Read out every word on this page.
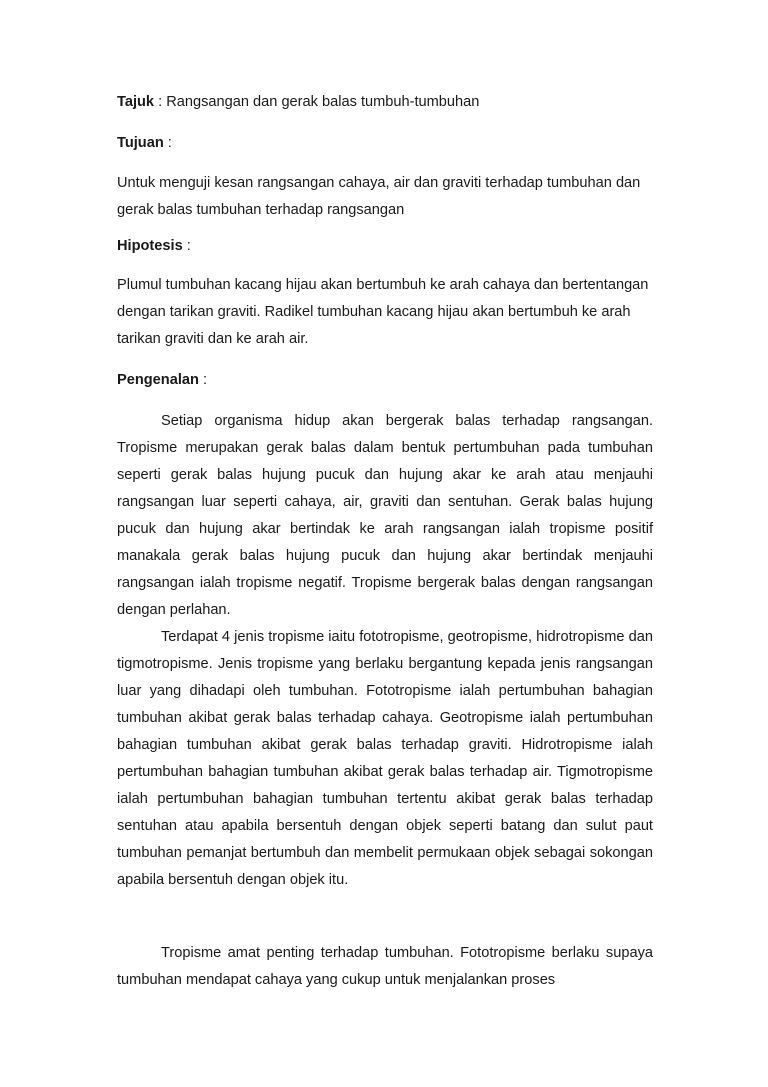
Tajuk : Rangsangan dan gerak balas tumbuh-tumbuhan
Tujuan :

Untuk menguji kesan rangsangan cahaya, air dan graviti terhadap tumbuhan dan gerak balas tumbuhan terhadap rangsangan

Hipotesis :

Plumul tumbuhan kacang hijau akan bertumbuh ke arah cahaya dan bertentangan dengan tarikan graviti. Radikel tumbuhan kacang hijau akan bertumbuh ke arah tarikan graviti dan ke arah air.

Pengenalan :

Setiap organisma hidup akan bergerak balas terhadap rangsangan. Tropisme merupakan gerak balas dalam bentuk pertumbuhan pada tumbuhan seperti gerak balas hujung pucuk dan hujung akar ke arah atau menjauhi rangsangan luar seperti cahaya, air, graviti dan sentuhan. Gerak balas hujung pucuk dan hujung akar bertindak ke arah rangsangan ialah tropisme positif manakala gerak balas hujung pucuk dan hujung akar bertindak menjauhi rangsangan ialah tropisme negatif. Tropisme bergerak balas dengan rangsangan dengan perlahan.

Terdapat 4 jenis tropisme iaitu fototropisme, geotropisme, hidrotropisme dan tigmotropisme. Jenis tropisme yang berlaku bergantung kepada jenis rangsangan luar yang dihadapi oleh tumbuhan. Fototropisme ialah pertumbuhan bahagian tumbuhan akibat gerak balas terhadap cahaya. Geotropisme ialah pertumbuhan bahagian tumbuhan akibat gerak balas terhadap graviti. Hidrotropisme ialah pertumbuhan bahagian tumbuhan akibat gerak balas terhadap air. Tigmotropisme ialah pertumbuhan bahagian tumbuhan tertentu akibat gerak balas terhadap sentuhan atau apabila bersentuh dengan objek seperti batang dan sulut paut tumbuhan pemanjat bertumbuh dan membelit permukaan objek sebagai sokongan apabila bersentuh dengan objek itu.

Tropisme amat penting terhadap tumbuhan. Fototropisme berlaku supaya tumbuhan mendapat cahaya yang cukup untuk menjalankan proses
